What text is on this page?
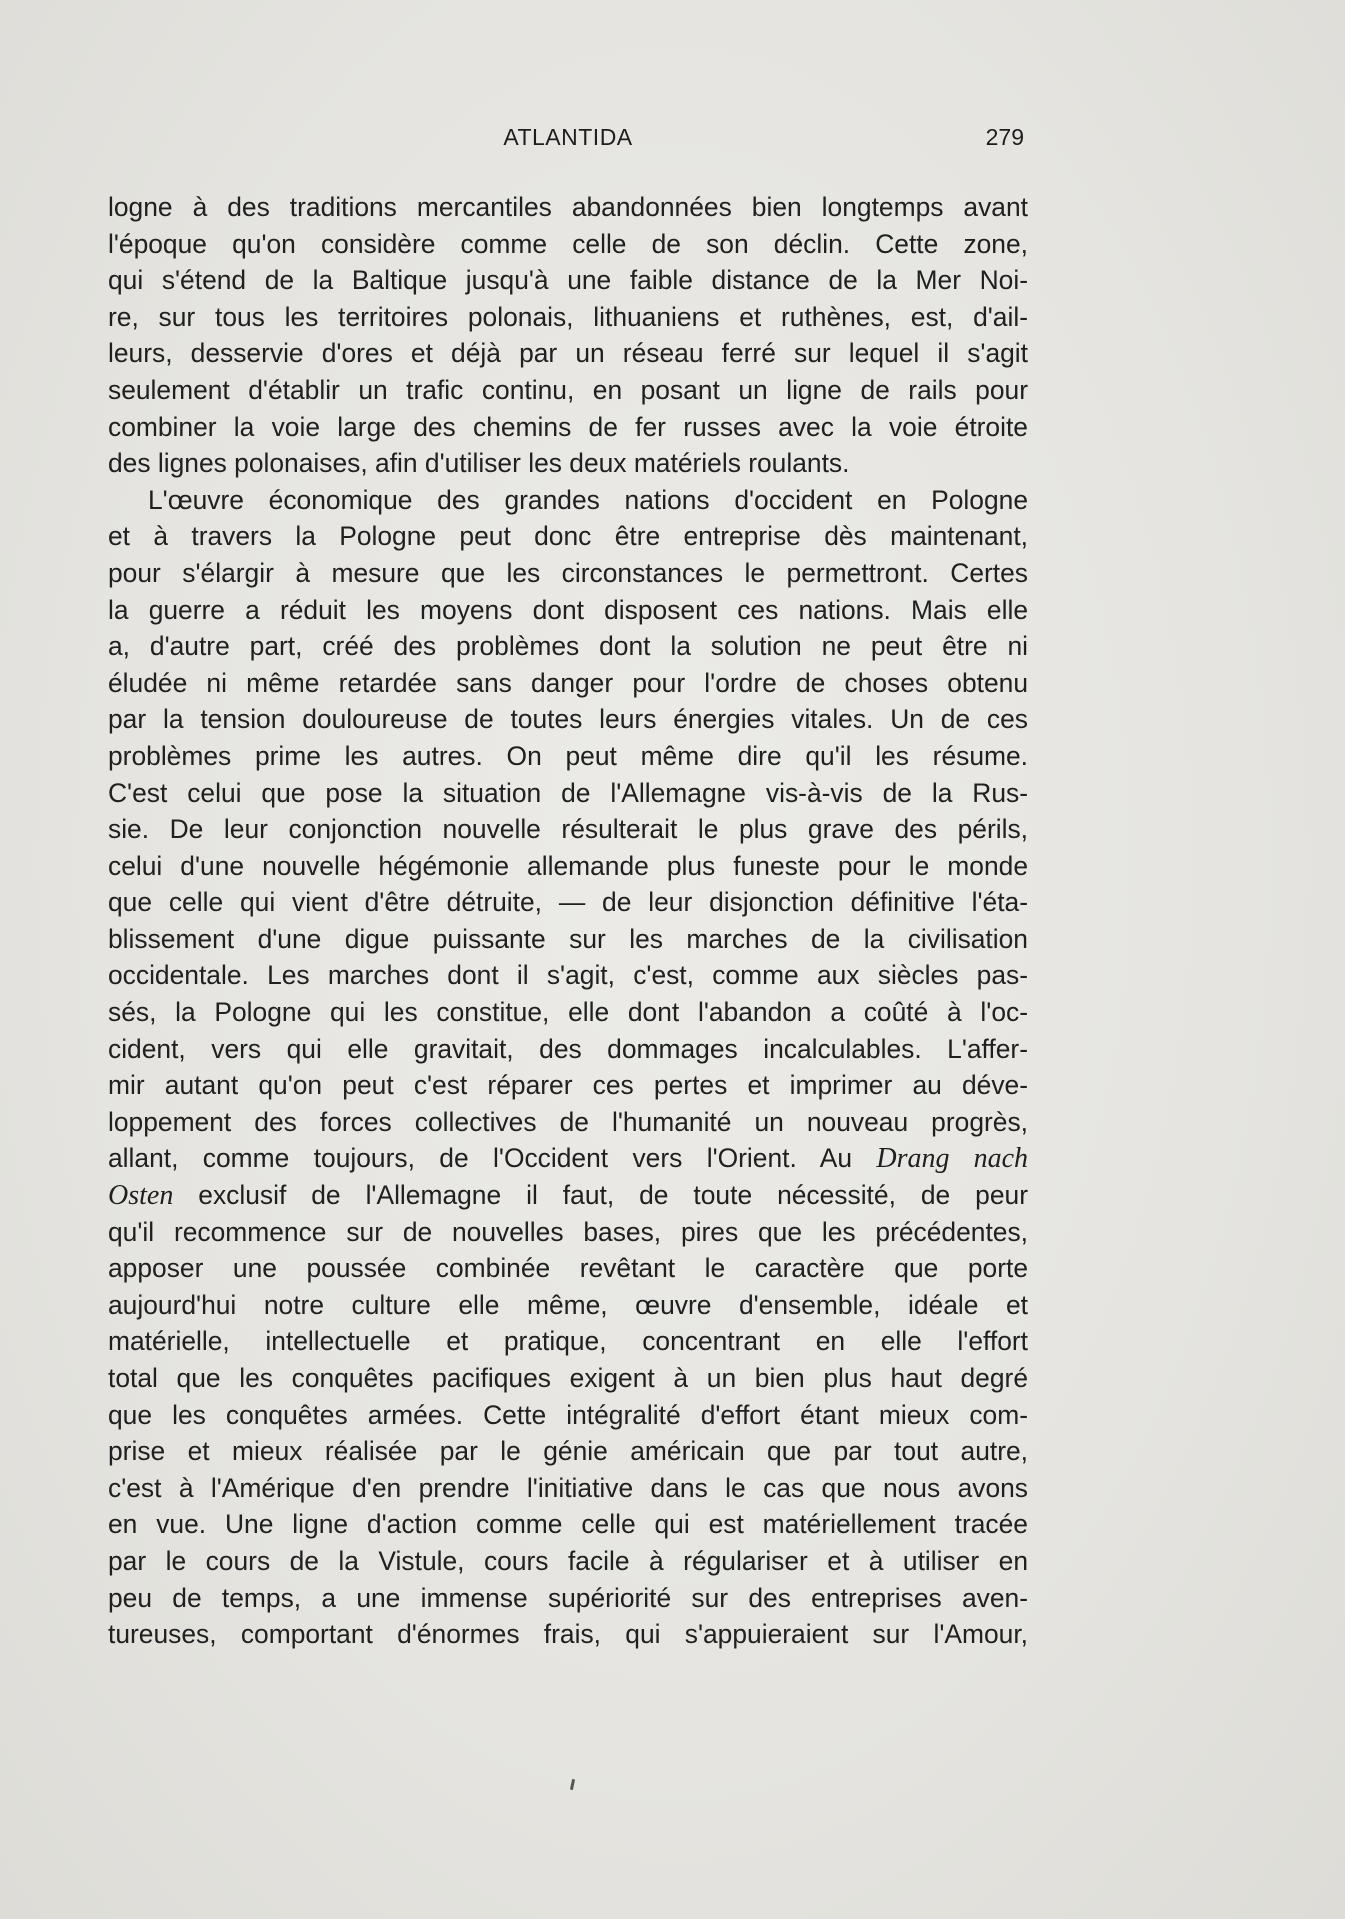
ATLANTIDA	279
logne à des traditions mercantiles abandonnées bien longtemps avant
l'époque qu'on considère comme celle de son déclin. Cette zone,
qui s'étend de la Baltique jusqu'à une faible distance de la Mer Noi-
re, sur tous les territoires polonais, lithuaniens et ruthènes, est, d'ail-
leurs, desservie d'ores et déjà par un réseau ferré sur lequel il s'agit
seulement d'établir un trafic continu, en posant un ligne de rails pour
combiner la voie large des chemins de fer russes avec la voie étroite
des lignes polonaises, afin d'utiliser les deux matériels roulants.
L'œuvre économique des grandes nations d'occident en Pologne
et à travers la Pologne peut donc être entreprise dès maintenant,
pour s'élargir à mesure que les circonstances le permettront. Certes
la guerre a réduit les moyens dont disposent ces nations. Mais elle
a, d'autre part, créé des problèmes dont la solution ne peut être ni
éludée ni même retardée sans danger pour l'ordre de choses obtenu
par la tension douloureuse de toutes leurs énergies vitales. Un de ces
problèmes prime les autres. On peut même dire qu'il les résume.
C'est celui que pose la situation de l'Allemagne vis-à-vis de la Rus-
sie. De leur conjonction nouvelle résulterait le plus grave des périls,
celui d'une nouvelle hégémonie allemande plus funeste pour le monde
que celle qui vient d'être détruite, — de leur disjonction définitive l'éta-
blissement d'une digue puissante sur les marches de la civilisation
occidentale. Les marches dont il s'agit, c'est, comme aux siècles pas-
sés, la Pologne qui les constitue, elle dont l'abandon a coûté à l'oc-
cident, vers qui elle gravitait, des dommages incalculables. L'affer-
mir autant qu'on peut c'est réparer ces pertes et imprimer au déve-
loppement des forces collectives de l'humanité un nouveau progrès,
allant, comme toujours, de l'Occident vers l'Orient. Au Drang nach
Osten exclusif de l'Allemagne il faut, de toute nécessité, de peur
qu'il recommence sur de nouvelles bases, pires que les précédentes,
apposer une poussée combinée revêtant le caractère que porte
aujourd'hui notre culture elle même, œuvre d'ensemble, idéale et
matérielle, intellectuelle et pratique, concentrant en elle l'effort
total que les conquêtes pacifiques exigent à un bien plus haut degré
que les conquêtes armées. Cette intégralité d'effort étant mieux com-
prise et mieux réalisée par le génie américain que par tout autre,
c'est à l'Amérique d'en prendre l'initiative dans le cas que nous avons
en vue. Une ligne d'action comme celle qui est matériellement tracée
par le cours de la Vistule, cours facile à régulariser et à utiliser en
peu de temps, a une immense supériorité sur des entreprises aven-
tureuses, comportant d'énormes frais, qui s'appuieraient sur l'Amour,
